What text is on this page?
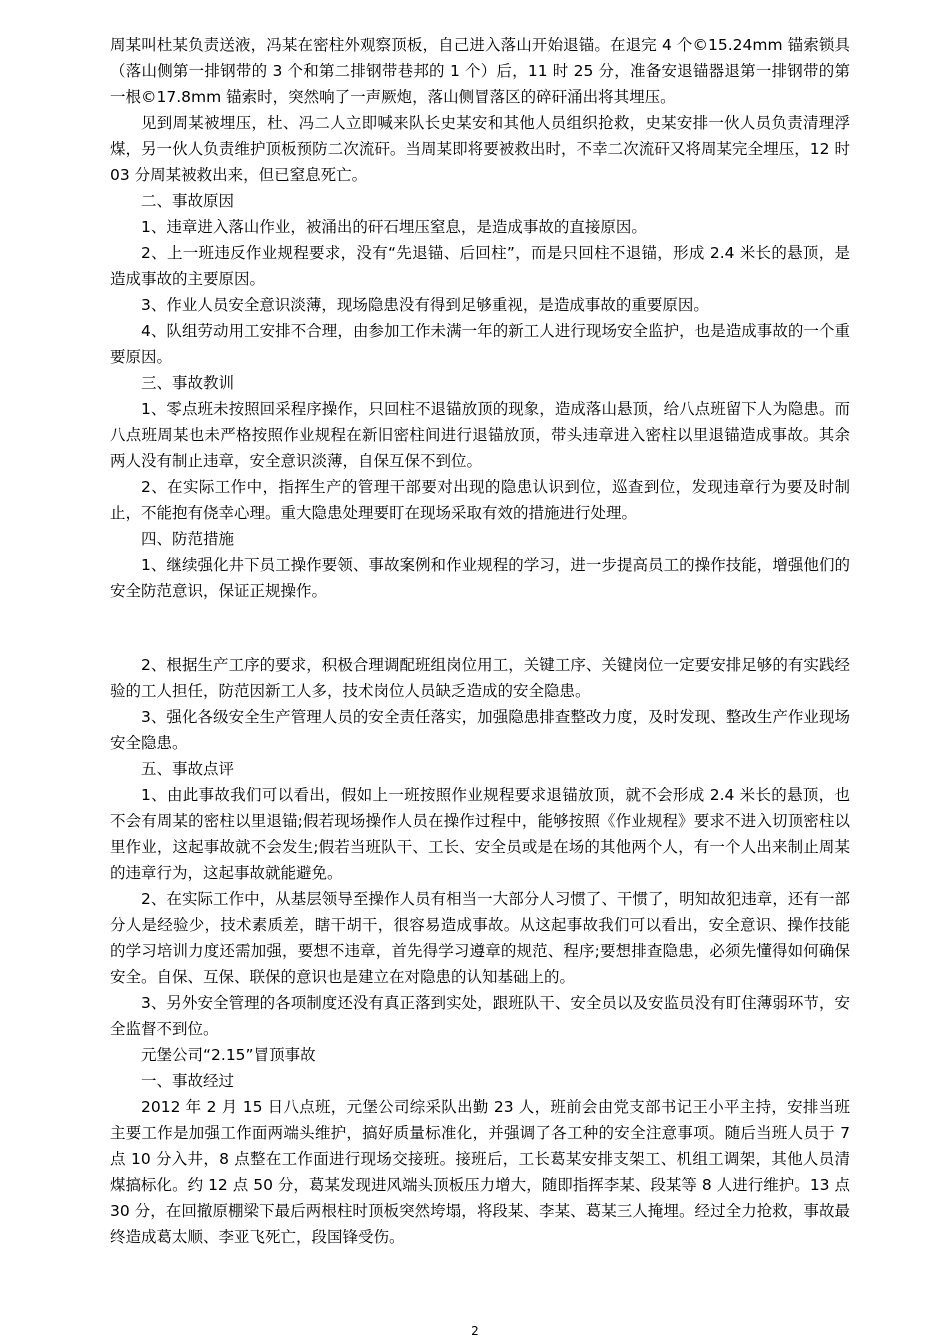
周某叫杜某负责送液，冯某在密柱外观察顶板，自己进入落山开始退锚。在退完 4 个©15.24mm 锚索锁具（落山侧第一排钢带的 3 个和第二排钢带巷邦的 1 个）后，11 时 25 分，准备安退锚器退第一排钢带的第一根©17.8mm 锚索时，突然响了一声厥炮，落山侧冒落区的碎矸涌出将其埋压。

见到周某被埋压，杜、冯二人立即喊来队长史某安和其他人员组织抢救，史某安排一伙人员负责清理浮煤，另一伙人负责维护顶板预防二次流矸。当周某即将要被救出时，不幸二次流矸又将周某完全埋压，12 时 03 分周某被救出来，但已窒息死亡。

二、事故原因

1、违章进入落山作业，被涌出的矸石埋压窒息，是造成事故的直接原因。

2、上一班违反作业规程要求，没有“先退锚、后回柱”，而是只回柱不退锚，形成 2.4 米长的悬顶，是造成事故的主要原因。

3、作业人员安全意识淡薄，现场隐患没有得到足够重视，是造成事故的重要原因。

4、队组劳动用工安排不合理，由参加工作未满一年的新工人进行现场安全监护，也是造成事故的一个重要原因。

三、事故教训

1、零点班未按照回采程序操作，只回柱不退锚放顶的现象，造成落山悬顶，给八点班留下人为隐患。而八点班周某也未严格按照作业规程在新旧密柱间进行退锚放顶，带头违章进入密柱以里退锚造成事故。其余两人没有制止违章，安全意识淡薄，自保互保不到位。

2、在实际工作中，指挥生产的管理干部要对出现的隐患认识到位，巡查到位，发现违章行为要及时制止，不能抱有侥幸心理。重大隐患处理要盯在现场采取有效的措施进行处理。

四、防范措施

1、继续强化井下员工操作要领、事故案例和作业规程的学习，进一步提高员工的操作技能，增强他们的安全防范意识，保证正规操作。

2、根据生产工序的要求，积极合理调配班组岗位用工，关键工序、关键岗位一定要安排足够的有实践经验的工人担任，防范因新工人多，技术岗位人员缺乏造成的安全隐患。

3、强化各级安全生产管理人员的安全责任落实，加强隐患排查整改力度，及时发现、整改生产作业现场安全隐患。

五、事故点评

1、由此事故我们可以看出，假如上一班按照作业规程要求退锚放顶，就不会形成 2.4 米长的悬顶，也不会有周某的密柱以里退锚;假若现场操作人员在操作过程中，能够按照《作业规程》要求不进入切顶密柱以里作业，这起事故就不会发生;假若当班队干、工长、安全员或是在场的其他两个人，有一个人出来制止周某的违章行为，这起事故就能避免。

2、在实际工作中，从基层领导至操作人员有相当一大部分人习惯了、干惯了，明知故犯违章，还有一部分人是经验少，技术素质差，瞎干胡干，很容易造成事故。从这起事故我们可以看出，安全意识、操作技能的学习培训力度还需加强，要想不违章，首先得学习遵章的规范、程序;要想排查隐患，必须先懂得如何确保安全。自保、互保、联保的意识也是建立在对隐患的认知基础上的。

3、另外安全管理的各项制度还没有真正落到实处，跟班队干、安全员以及安监员没有盯住薄弱环节，安全监督不到位。

元堡公司“2.15”冒顶事故

一、事故经过

2012 年 2 月 15 日八点班，元堡公司综采队出勤 23 人，班前会由党支部书记王小平主持，安排当班主要工作是加强工作面两端头维护，搞好质量标准化，并强调了各工种的安全注意事项。随后当班人员于 7 点 10 分入井，8 点整在工作面进行现场交接班。接班后，工长葛某安排支架工、机组工调架，其他人员清煤搞标化。约 12 点 50 分，葛某发现进风端头顶板压力增大，随即指挥李某、段某等 8 人进行维护。13 点 30 分，在回撤原棚梁下最后两根柱时顶板突然垮塌，将段某、李某、葛某三人掩埋。经过全力抢救，事故最终造成葛太顺、李亚飞死亡，段国锋受伤。

2
